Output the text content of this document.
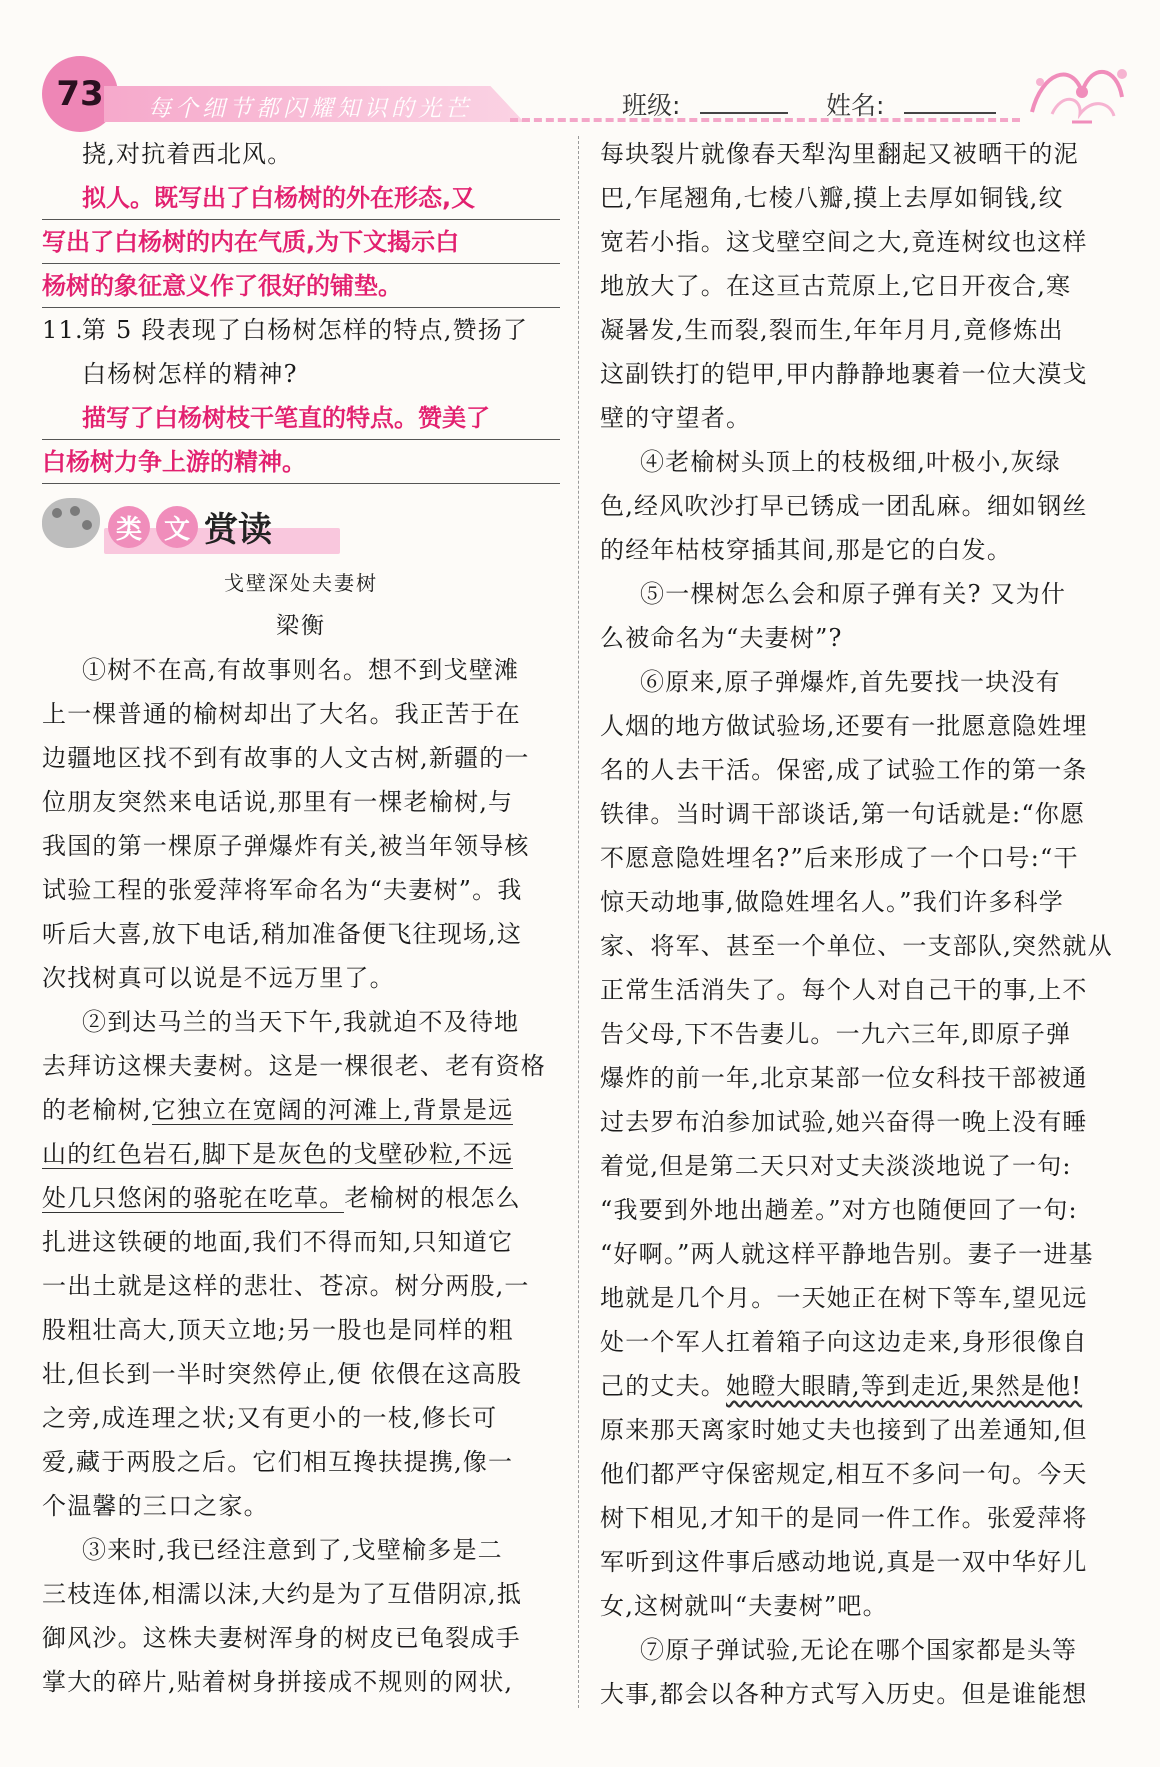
73	每个细节都闪耀知识的光芒	班级:	姓名:
挠,对抗着西北风。
拟人。既写出了白杨树的外在形态,又
写出了白杨树的内在气质,为下文揭示白
杨树的象征意义作了很好的铺垫。
11.第 5 段表现了白杨树怎样的特点,赞扬了
白杨树怎样的精神?
描写了白杨树枝干笔直的特点。赞美了
白杨树力争上游的精神。
类 文 赏读
戈壁深处夫妻树
梁衡
①树不在高,有故事则名。想不到戈壁滩
上一棵普通的榆树却出了大名。我正苦于在
边疆地区找不到有故事的人文古树,新疆的一
位朋友突然来电话说,那里有一棵老榆树,与
我国的第一棵原子弹爆炸有关,被当年领导核
试验工程的张爱萍将军命名为“夫妻树”。我
听后大喜,放下电话,稍加准备便飞往现场,这
次找树真可以说是不远万里了。
②到达马兰的当天下午,我就迫不及待地
去拜访这棵夫妻树。这是一棵很老、老有资格
的老榆树,它独立在宽阔的河滩上,背景是远
山的红色岩石,脚下是灰色的戈壁砂粒,不远
处几只悠闲的骆驼在吃草。老榆树的根怎么
扎进这铁硬的地面,我们不得而知,只知道它
一出土就是这样的悲壮、苍凉。树分两股,一
股粗壮高大,顶天立地;另一股也是同样的粗
壮,但长到一半时突然停止,便 依偎在这高股
之旁,成连理之状;又有更小的一枝,修长可
爱,藏于两股之后。它们相互搀扶提携,像一
个温馨的三口之家。
③来时,我已经注意到了,戈壁榆多是二
三枝连体,相濡以沫,大约是为了互借阴凉,抵
御风沙。这株夫妻树浑身的树皮已龟裂成手
掌大的碎片,贴着树身拼接成不规则的网状,
每块裂片就像春天犁沟里翻起又被晒干的泥
巴,乍尾翘角,七棱八瓣,摸上去厚如铜钱,纹
宽若小指。这戈壁空间之大,竟连树纹也这样
地放大了。在这亘古荒原上,它日开夜合,寒
凝暑发,生而裂,裂而生,年年月月,竟修炼出
这副铁打的铠甲,甲内静静地裹着一位大漠戈
壁的守望者。
④老榆树头顶上的枝极细,叶极小,灰绿
色,经风吹沙打早已锈成一团乱麻。细如钢丝
的经年枯枝穿插其间,那是它的白发。
⑤一棵树怎么会和原子弹有关? 又为什
么被命名为“夫妻树”?
⑥原来,原子弹爆炸,首先要找一块没有
人烟的地方做试验场,还要有一批愿意隐姓埋
名的人去干活。保密,成了试验工作的第一条
铁律。当时调干部谈话,第一句话就是:“你愿
不愿意隐姓埋名?”后来形成了一个口号:“干
惊天动地事,做隐姓埋名人。”我们许多科学
家、将军、甚至一个单位、一支部队,突然就从
正常生活消失了。每个人对自己干的事,上不
告父母,下不告妻儿。一九六三年,即原子弹
爆炸的前一年,北京某部一位女科技干部被通
过去罗布泊参加试验,她兴奋得一晚上没有睡
着觉,但是第二天只对丈夫淡淡地说了一句:
“我要到外地出趟差。”对方也随便回了一句:
“好啊。”两人就这样平静地告别。妻子一进基
地就是几个月。一天她正在树下等车,望见远
处一个军人扛着箱子向这边走来,身形很像自
己的丈夫。她瞪大眼睛,等到走近,果然是他!
原来那天离家时她丈夫也接到了出差通知,但
他们都严守保密规定,相互不多问一句。今天
树下相见,才知干的是同一件工作。张爱萍将
军听到这件事后感动地说,真是一双中华好儿
女,这树就叫“夫妻树”吧。
⑦原子弹试验,无论在哪个国家都是头等
大事,都会以各种方式写入历史。但是谁能想
